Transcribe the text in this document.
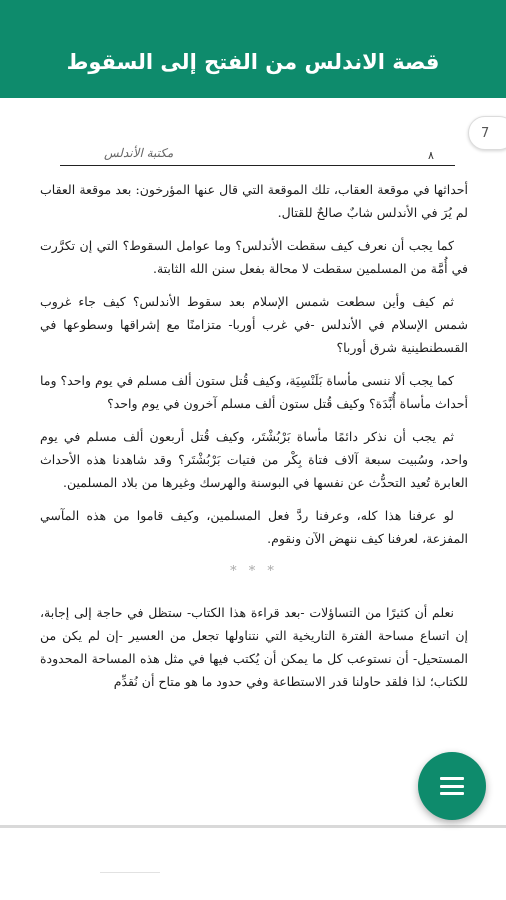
قصة الاندلس من الفتح إلى السقوط
7
مكتبة الأندلس	٨

أحداثها في موقعة العقاب، تلك الموقعة التي قال عنها المؤرخون: بعد موقعة العقاب لم يُرَ في الأندلس شابٌ صالحٌ للقتال.

كما يجب أن نعرف كيف سقطت الأندلس؟ وما عوامل السقوط؟ التي إن تكرَّرت في أُمَّة من المسلمين سقطت لا محالة بفعل سنن الله الثابتة.

ثم كيف وأين سطعت شمس الإسلام بعد سقوط الأندلس؟ كيف جاء غروب شمس الإسلام في الأندلس -في غرب أوربا- متزامنًا مع إشراقها وسطوعها في القسطنطينية شرق أوربا؟

كما يجب ألا ننسى مأساة بَلَنْسِيَة، وكيف قُتل ستون ألف مسلم في يوم واحد؟ وما أحداث مأساة أُبَّدَة؟ وكيف قُتل ستون ألف مسلم آخرون في يوم واحد؟

ثم يجب أن نذكر دائمًا مأساة بَرْبُشْتَر، وكيف قُتل أربعون ألف مسلم في يوم واحد، وسُبيت سبعة آلاف فتاة بِكْر من فتيات بَرْبُشْتَر؟ وقد شاهدنا هذه الأحداث العابرة تُعيد التحدُّث عن نفسها في البوسنة والهرسك وغيرها من بلاد المسلمين.

لو عرفنا هذا كله، وعرفنا ردَّ فعل المسلمين، وكيف قاموا من هذه المآسي المفزعة، لعرفنا كيف ننهض الآن ونقوم.

* * *

نعلم أن كثيرًا من التساؤلات -بعد قراءة هذا الكتاب- ستظل في حاجة إلى إجابة، إن اتساع مساحة الفترة التاريخية التي نتناولها تجعل من العسير -إن لم يكن من المستحيل- أن نستوعب كل ما يمكن أن يُكتب فيها في مثل هذه المساحة المحدودة للكتاب؛ لذا فلقد حاولنا قدر الاستطاعة وفي حدود ما هو متاح أن نُقدِّم
